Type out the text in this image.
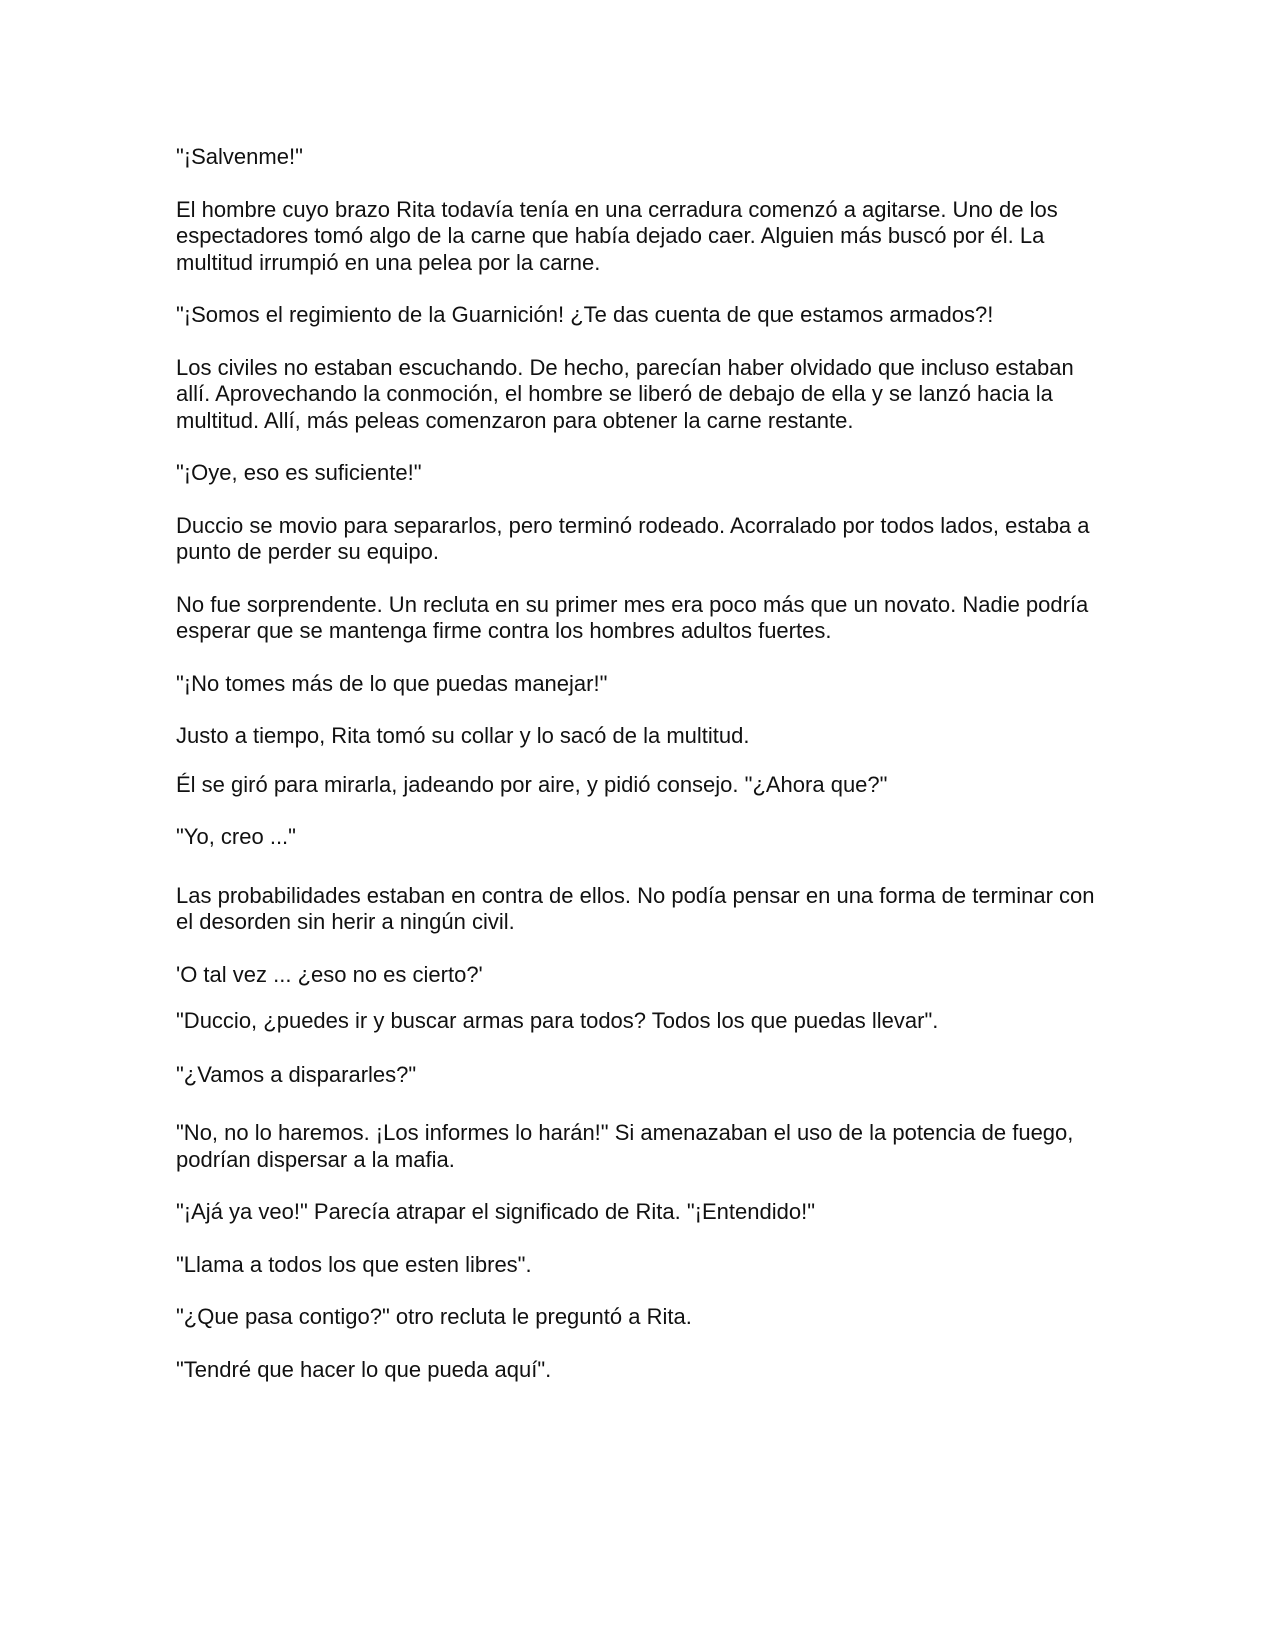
"¡Salvenme!"

El hombre cuyo brazo Rita todavía tenía en una cerradura comenzó a agitarse. Uno de los espectadores tomó algo de la carne que había dejado caer. Alguien más buscó por él. La multitud irrumpió en una pelea por la carne.

"¡Somos el regimiento de la Guarnición! ¿Te das cuenta de que estamos armados?!

Los civiles no estaban escuchando. De hecho, parecían haber olvidado que incluso estaban allí. Aprovechando la conmoción, el hombre se liberó de debajo de ella y se lanzó hacia la multitud. Allí, más peleas comenzaron para obtener la carne restante.

"¡Oye, eso es suficiente!"

Duccio se movio para separarlos, pero terminó rodeado. Acorralado por todos lados, estaba a punto de perder su equipo.

No fue sorprendente. Un recluta en su primer mes era poco más que un novato. Nadie podría esperar que se mantenga firme contra los hombres adultos fuertes.

"¡No tomes más de lo que puedas manejar!"

Justo a tiempo, Rita tomó su collar y lo sacó de la multitud.

Él se giró para mirarla, jadeando por aire, y pidió consejo. "¿Ahora que?"

"Yo, creo ..."

Las probabilidades estaban en contra de ellos. No podía pensar en una forma de terminar con el desorden sin herir a ningún civil.

'O tal vez ... ¿eso no es cierto?'

"Duccio, ¿puedes ir y buscar armas para todos? Todos los que puedas llevar".

"¿Vamos a dispararles?"

"No, no lo haremos. ¡Los informes lo harán!" Si amenazaban el uso de la potencia de fuego, podrían dispersar a la mafia.

"¡Ajá ya veo!" Parecía atrapar el significado de Rita. "¡Entendido!"

"Llama a todos los que esten libres".

"¿Que pasa contigo?" otro recluta le preguntó a Rita.

"Tendré que hacer lo que pueda aquí".
